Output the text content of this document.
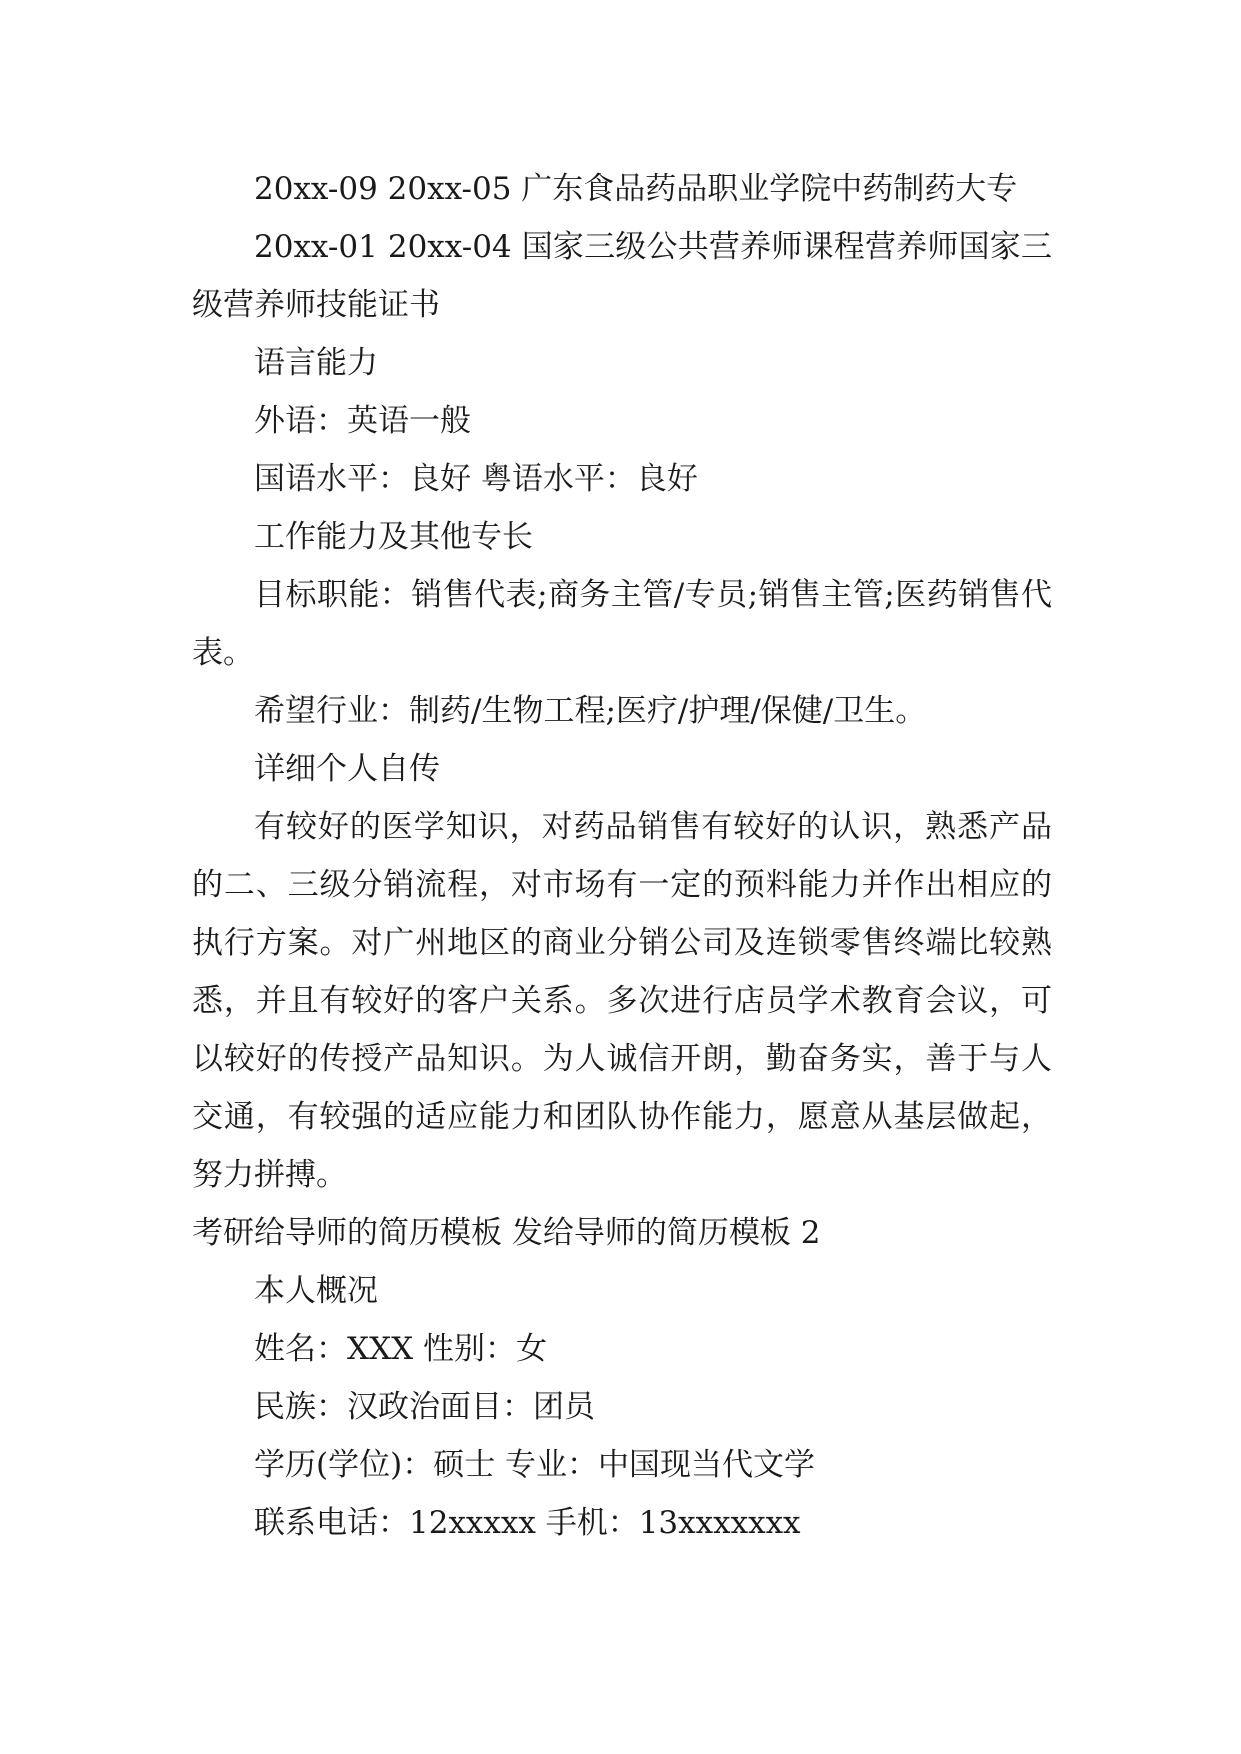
20xx-09 20xx-05 广东食品药品职业学院中药制药大专

20xx-01 20xx-04 国家三级公共营养师课程营养师国家三级营养师技能证书

语言能力

外语：英语一般

国语水平：良好 粤语水平：良好

工作能力及其他专长

目标职能：销售代表;商务主管/专员;销售主管;医药销售代表。

希望行业：制药/生物工程;医疗/护理/保健/卫生。

详细个人自传

有较好的医学知识，对药品销售有较好的认识，熟悉产品的二、三级分销流程，对市场有一定的预料能力并作出相应的执行方案。对广州地区的商业分销公司及连锁零售终端比较熟悉，并且有较好的客户关系。多次进行店员学术教育会议，可以较好的传授产品知识。为人诚信开朗，勤奋务实，善于与人交通，有较强的适应能力和团队协作能力，愿意从基层做起，努力拼搏。

考研给导师的简历模板 发给导师的简历模板 2

本人概况

姓名：XXX 性别：女

民族：汉政治面目：团员

学历(学位)：硕士 专业：中国现当代文学

联系电话：12xxxxx 手机：13xxxxxxx
